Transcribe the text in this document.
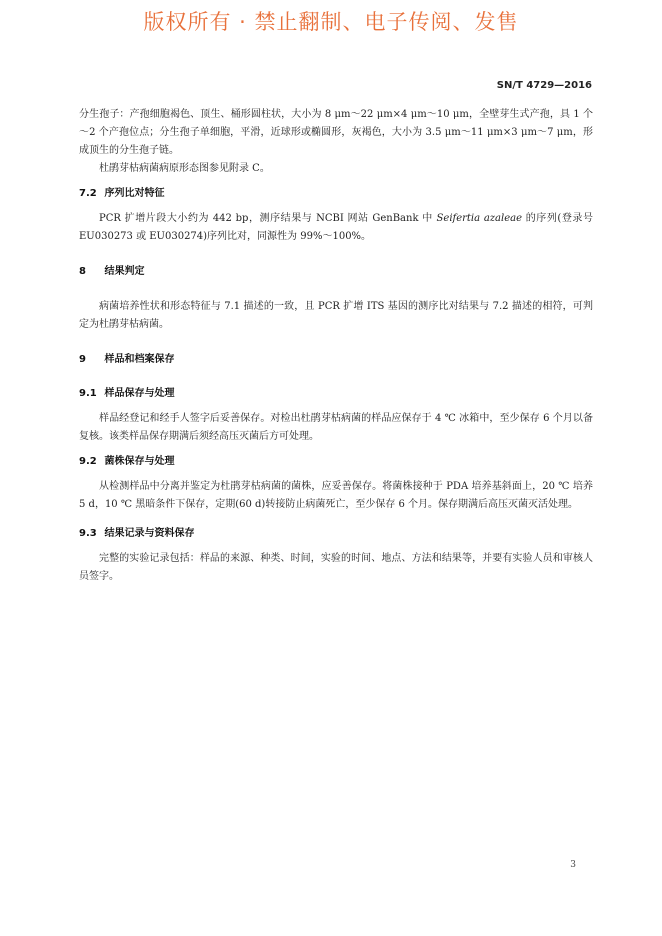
版权所有 · 禁止翻制、电子传阅、发售
SN/T 4729—2016

分生孢子：产孢细胞褐色、顶生、桶形圆柱状，大小为 8 μm～22 μm×4 μm～10 μm，全壁芽生式产孢，具 1 个～2 个产孢位点；分生孢子单细胞，平滑，近球形或椭圆形，灰褐色，大小为 3.5 μm～11 μm×3 μm～7 μm，形成顶生的分生孢子链。

杜鹃芽枯病菌病原形态图参见附录 C。

7.2 序列比对特征

PCR 扩增片段大小约为 442 bp，测序结果与 NCBI 网站 GenBank 中 Seifertia azaleae 的序列(登录号 EU030273 或 EU030274)序列比对，同源性为 99%～100%。

8 结果判定

病菌培养性状和形态特征与 7.1 描述的一致，且 PCR 扩增 ITS 基因的测序比对结果与 7.2 描述的相符，可判定为杜鹃芽枯病菌。

9 样品和档案保存
9.1 样品保存与处理

样品经登记和经手人签字后妥善保存。对检出杜鹃芽枯病菌的样品应保存于 4 ℃ 冰箱中，至少保存 6 个月以备复核。该类样品保存期满后须经高压灭菌后方可处理。

9.2 菌株保存与处理

从检测样品中分离并鉴定为杜鹃芽枯病菌的菌株，应妥善保存。将菌株接种于 PDA 培养基斜面上，20 ℃ 培养 5 d，10 ℃ 黑暗条件下保存，定期(60 d)转接防止病菌死亡，至少保存 6 个月。保存期满后高压灭菌灭活处理。

9.3 结果记录与资料保存

完整的实验记录包括：样品的来源、种类、时间，实验的时间、地点、方法和结果等，并要有实验人员和审核人员签字。

3
